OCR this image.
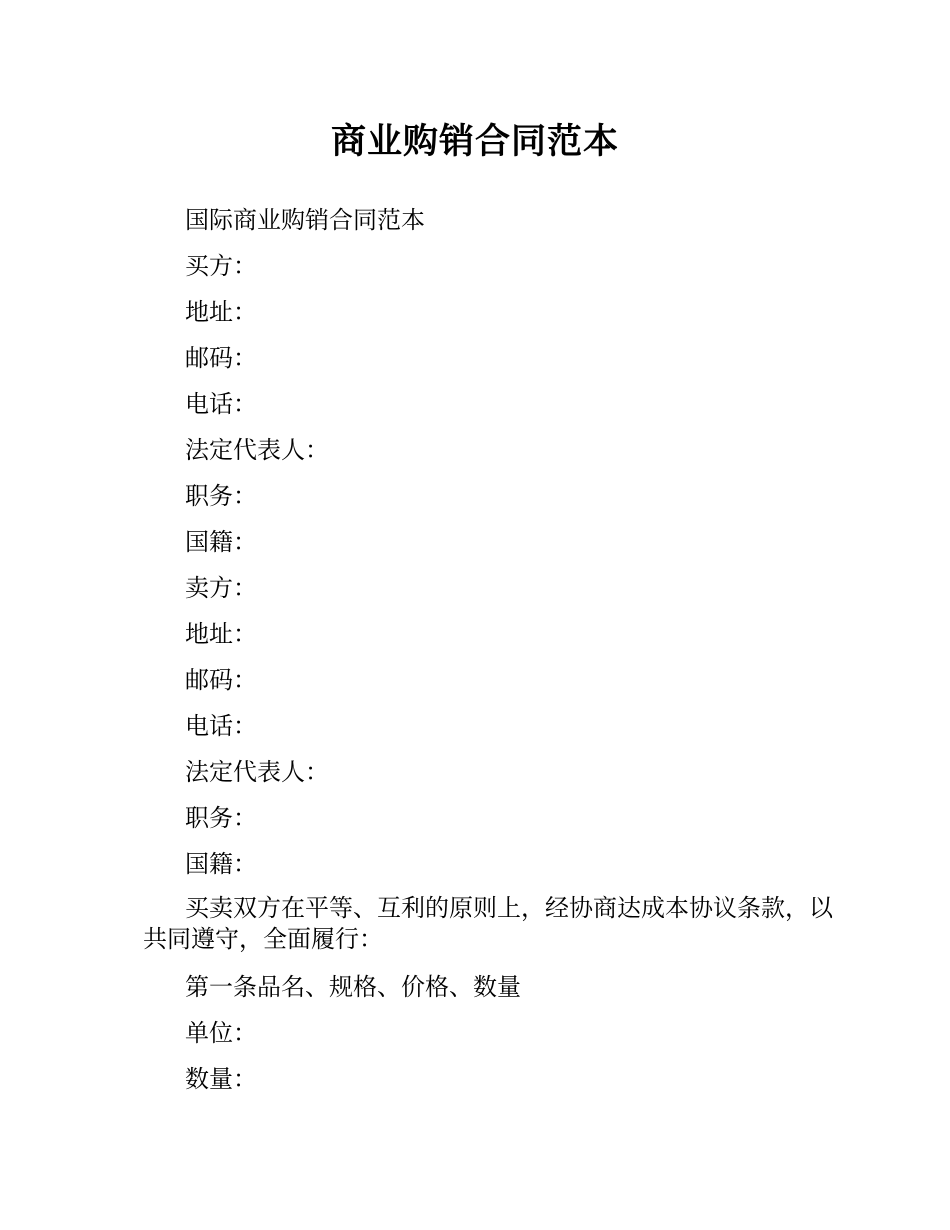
商业购销合同范本

国际商业购销合同范本

买方：

地址：

邮码：

电话：

法定代表人：

职务：

国籍：

卖方：

地址：

邮码：

电话：

法定代表人：

职务：

国籍：

买卖双方在平等、互利的原则上，经协商达成本协议条款，以共同遵守，全面履行：

第一条品名、规格、价格、数量

单位：

数量：
